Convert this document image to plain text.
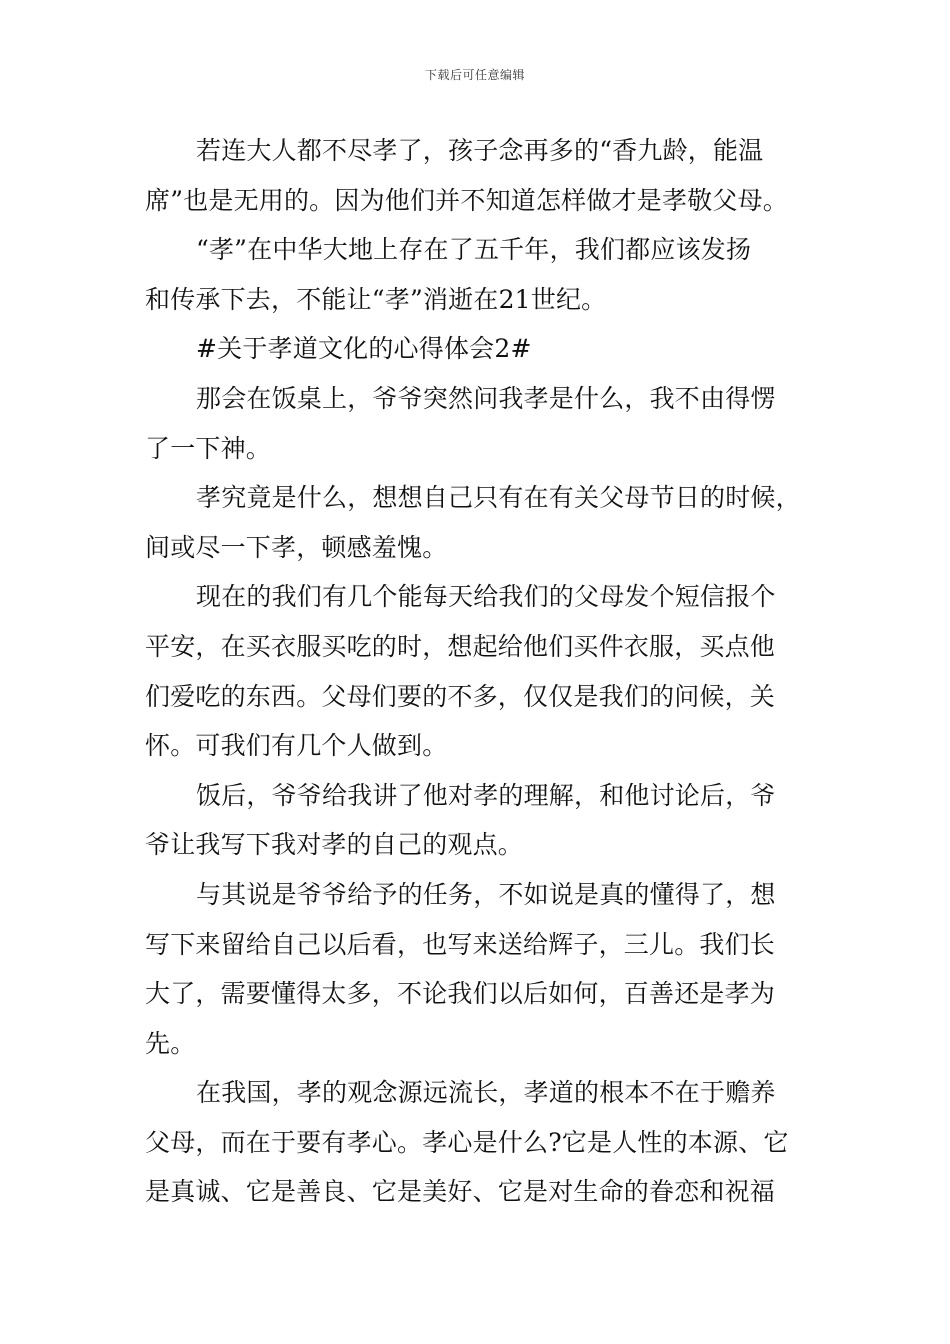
下载后可任意编辑
若连大人都不尽孝了，孩子念再多的“香九龄，能温
席”也是无用的。因为他们并不知道怎样做才是孝敬父母。
“孝”在中华大地上存在了五千年，我们都应该发扬
和传承下去，不能让“孝”消逝在21世纪。
#关于孝道文化的心得体会2#
那会在饭桌上，爷爷突然问我孝是什么，我不由得愣
了一下神。
孝究竟是什么，想想自己只有在有关父母节日的时候，
间或尽一下孝，顿感羞愧。
现在的我们有几个能每天给我们的父母发个短信报个
平安，在买衣服买吃的时，想起给他们买件衣服，买点他
们爱吃的东西。父母们要的不多，仅仅是我们的问候，关
怀。可我们有几个人做到。
饭后，爷爷给我讲了他对孝的理解，和他讨论后，爷
爷让我写下我对孝的自己的观点。
与其说是爷爷给予的任务，不如说是真的懂得了，想
写下来留给自己以后看，也写来送给辉子，三儿。我们长
大了，需要懂得太多，不论我们以后如何，百善还是孝为
先。
在我国，孝的观念源远流长，孝道的根本不在于赡养
父母，而在于要有孝心。孝心是什么?它是人性的本源、它
是真诚、它是善良、它是美好、它是对生命的眷恋和祝福
